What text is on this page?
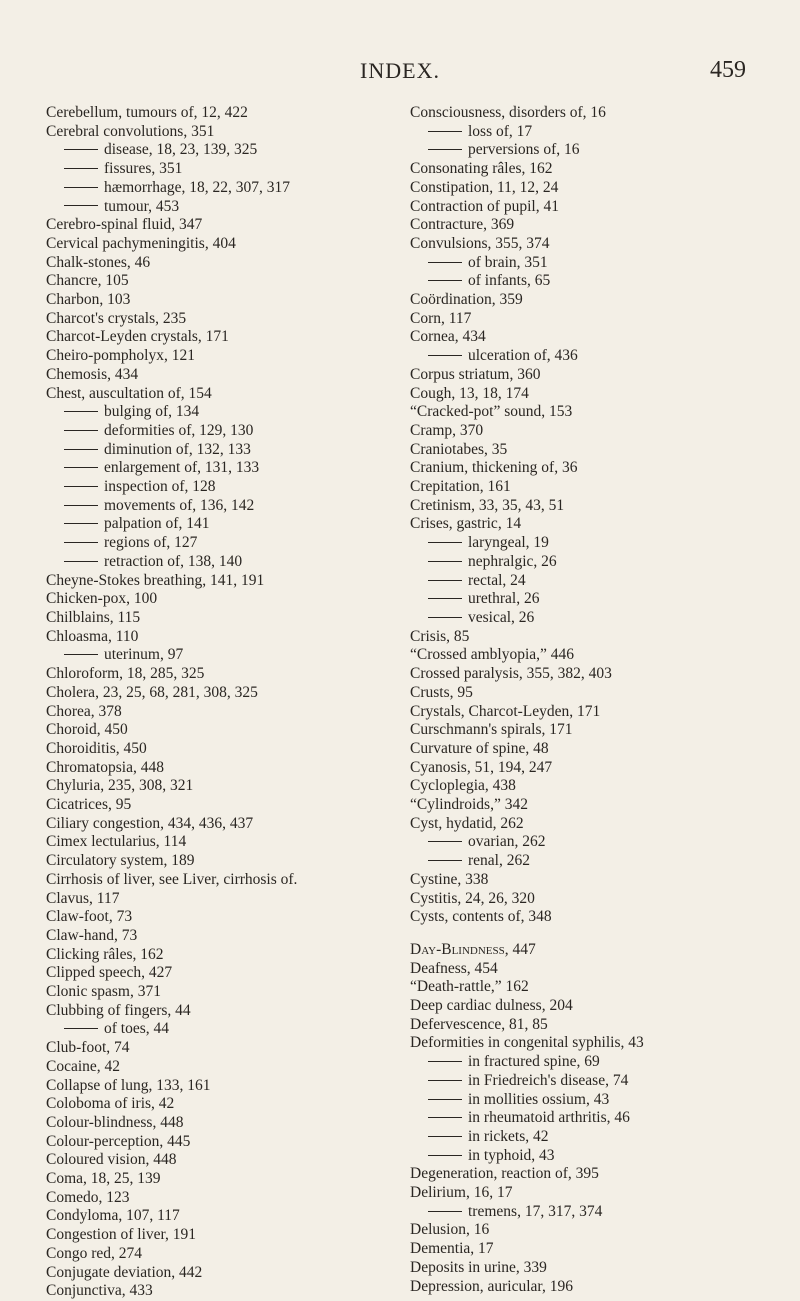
INDEX.	459
Cerebellum, tumours of, 12, 422
Cerebral convolutions, 351
disease, 18, 23, 139, 325
fissures, 351
hæmorrhage, 18, 22, 307, 317
tumour, 453
Cerebro-spinal fluid, 347
Cervical pachymeningitis, 404
Chalk-stones, 46
Chancre, 105
Charbon, 103
Charcot's crystals, 235
Charcot-Leyden crystals, 171
Cheiro-pompholyx, 121
Chemosis, 434
Chest, auscultation of, 154
bulging of, 134
deformities of, 129, 130
diminution of, 132, 133
enlargement of, 131, 133
inspection of, 128
movements of, 136, 142
palpation of, 141
regions of, 127
retraction of, 138, 140
Cheyne-Stokes breathing, 141, 191
Chicken-pox, 100
Chilblains, 115
Chloasma, 110
uterinum, 97
Chloroform, 18, 285, 325
Cholera, 23, 25, 68, 281, 308, 325
Chorea, 378
Choroid, 450
Choroiditis, 450
Chromatopsia, 448
Chyluria, 235, 308, 321
Cicatrices, 95
Ciliary congestion, 434, 436, 437
Cimex lectularius, 114
Circulatory system, 189
Cirrhosis of liver, see Liver, cirrhosis of.
Clavus, 117
Claw-foot, 73
Claw-hand, 73
Clicking râles, 162
Clipped speech, 427
Clonic spasm, 371
Clubbing of fingers, 44
of toes, 44
Club-foot, 74
Cocaine, 42
Collapse of lung, 133, 161
Coloboma of iris, 42
Colour-blindness, 448
Colour-perception, 445
Coloured vision, 448
Coma, 18, 25, 139
Comedo, 123
Condyloma, 107, 117
Congestion of liver, 191
Congo red, 274
Conjugate deviation, 442
Conjunctiva, 433
Consciousness, disorders of, 16
loss of, 17
perversions of, 16
Consonating râles, 162
Constipation, 11, 12, 24
Contraction of pupil, 41
Contracture, 369
Convulsions, 355, 374
of brain, 351
of infants, 65
Coördination, 359
Corn, 117
Cornea, 434
ulceration of, 436
Corpus striatum, 360
Cough, 13, 18, 174
“Cracked-pot” sound, 153
Cramp, 370
Craniotabes, 35
Cranium, thickening of, 36
Crepitation, 161
Cretinism, 33, 35, 43, 51
Crises, gastric, 14
laryngeal, 19
nephralgic, 26
rectal, 24
urethral, 26
vesical, 26
Crisis, 85
“Crossed amblyopia,” 446
Crossed paralysis, 355, 382, 403
Crusts, 95
Crystals, Charcot-Leyden, 171
Curschmann's spirals, 171
Curvature of spine, 48
Cyanosis, 51, 194, 247
Cycloplegia, 438
“Cylindroids,” 342
Cyst, hydatid, 262
ovarian, 262
renal, 262
Cystine, 338
Cystitis, 24, 26, 320
Cysts, contents of, 348
Day-Blindness, 447
Deafness, 454
“Death-rattle,” 162
Deep cardiac dulness, 204
Defervescence, 81, 85
Deformities in congenital syphilis, 43
in fractured spine, 69
in Friedreich's disease, 74
in mollities ossium, 43
in rheumatoid arthritis, 46
in rickets, 42
in typhoid, 43
Degeneration, reaction of, 395
Delirium, 16, 17
tremens, 17, 317, 374
Delusion, 16
Dementia, 17
Deposits in urine, 339
Depression, auricular, 196
